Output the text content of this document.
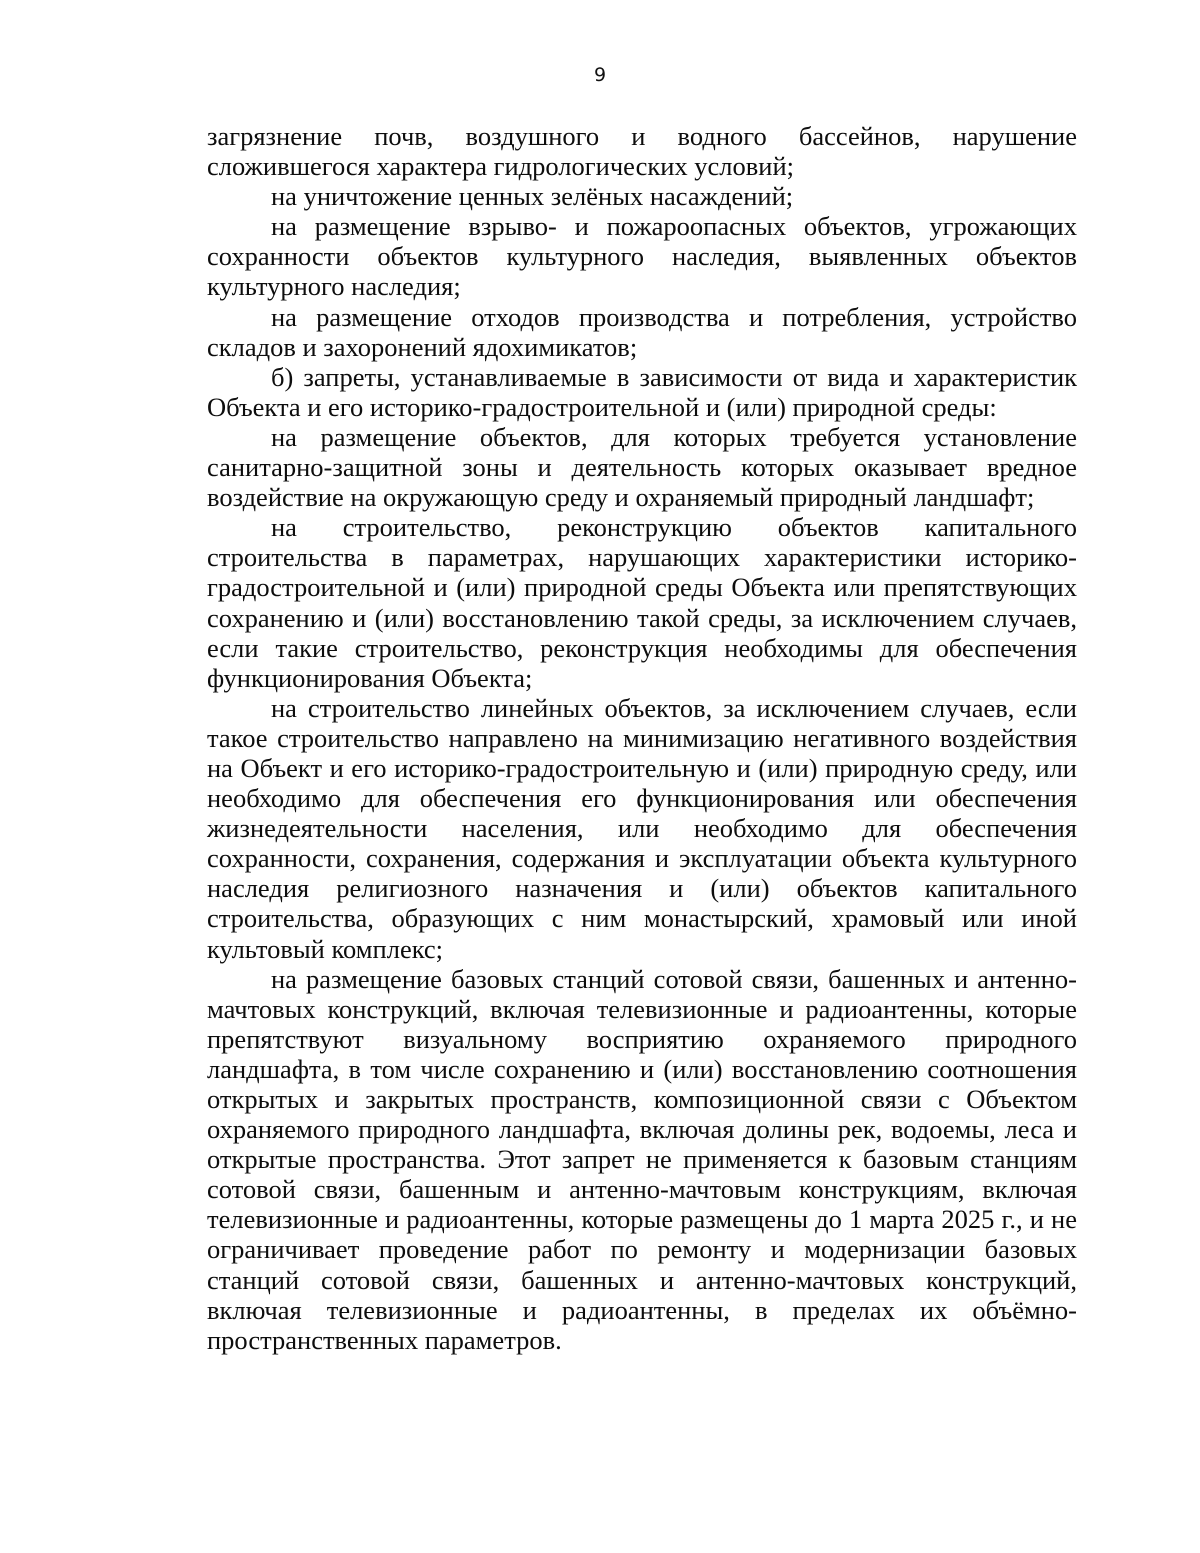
9

загрязнение почв, воздушного и водного бассейнов, нарушение сложившегося характера гидрологических условий;

на уничтожение ценных зелёных насаждений;

на размещение взрыво- и пожароопасных объектов, угрожающих сохранности объектов культурного наследия, выявленных объектов культурного наследия;

на размещение отходов производства и потребления, устройство складов и захоронений ядохимикатов;

б) запреты, устанавливаемые в зависимости от вида и характеристик Объекта и его историко-градостроительной и (или) природной среды:

на размещение объектов, для которых требуется установление санитарно-защитной зоны и деятельность которых оказывает вредное воздействие на окружающую среду и охраняемый природный ландшафт;

на строительство, реконструкцию объектов капитального строительства в параметрах, нарушающих характеристики историко-градостроительной и (или) природной среды Объекта или препятствующих сохранению и (или) восстановлению такой среды, за исключением случаев, если такие строительство, реконструкция необходимы для обеспечения функционирования Объекта;

на строительство линейных объектов, за исключением случаев, если такое строительство направлено на минимизацию негативного воздействия на Объект и его историко-градостроительную и (или) природную среду, или необходимо для обеспечения его функционирования или обеспечения жизнедеятельности населения, или необходимо для обеспечения сохранности, сохранения, содержания и эксплуатации объекта культурного наследия религиозного назначения и (или) объектов капитального строительства, образующих с ним монастырский, храмовый или иной культовый комплекс;

на размещение базовых станций сотовой связи, башенных и антенно-мачтовых конструкций, включая телевизионные и радиоантенны, которые препятствуют визуальному восприятию охраняемого природного ландшафта, в том числе сохранению и (или) восстановлению соотношения открытых и закрытых пространств, композиционной связи с Объектом охраняемого природного ландшафта, включая долины рек, водоемы, леса и открытые пространства. Этот запрет не применяется к базовым станциям сотовой связи, башенным и антенно-мачтовым конструкциям, включая телевизионные и радиоантенны, которые размещены до 1 марта 2025 г., и не ограничивает проведение работ по ремонту и модернизации базовых станций сотовой связи, башенных и антенно-мачтовых конструкций, включая телевизионные и радиоантенны, в пределах их объёмно-пространственных параметров.
